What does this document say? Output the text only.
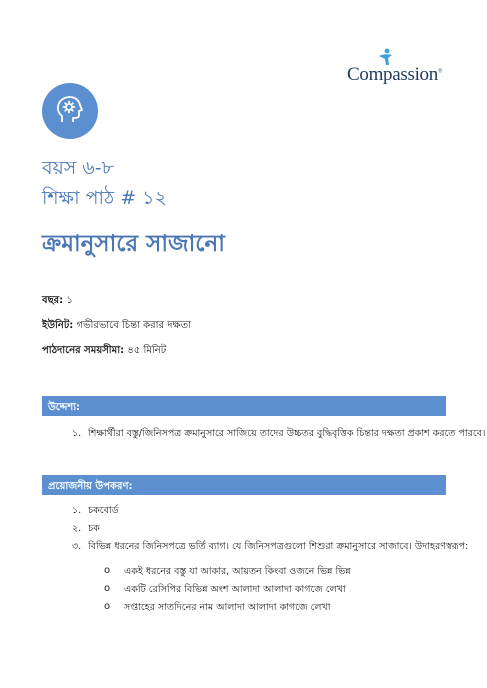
Compassion®
বয়স ৬-৮
শিক্ষা পাঠ # ১২
ক্রমানুসারে সাজানো
বছর: ১
ইউনিট: গভীরভাবে চিন্তা করার দক্ষতা
পাঠদানের সময়সীমা: ৪৫ মিনিট
উদ্দেশ্য:
১. শিক্ষার্থীরা বস্তু/জিনিসপত্র ক্রমানুসারে সাজিয়ে তাদের উচ্চতর বুদ্ধিবৃত্তিক চিন্তার দক্ষতা প্রকাশ করতে পারবে।
প্রয়োজনীয় উপকরণ:
১. চকবোর্ড
২. চক
৩. বিভিন্ন ধরনের জিনিসপত্রে ভর্তি ব্যাগ। যে জিনিসপত্রগুলো শিশুরা ক্রমানুসারে সাজাবে। উদাহরণস্বরূপ:
o একই ধরনের বস্তু যা আকার, আয়তন কিংবা ওজনে ভিন্ন ভিন্ন
o একটি রেসিপির বিভিন্ন অংশ আলাদা আলাদা কাগজে লেখা
o সপ্তাহের সাতদিনের নাম আলাদা আলাদা কাগজে লেখা
